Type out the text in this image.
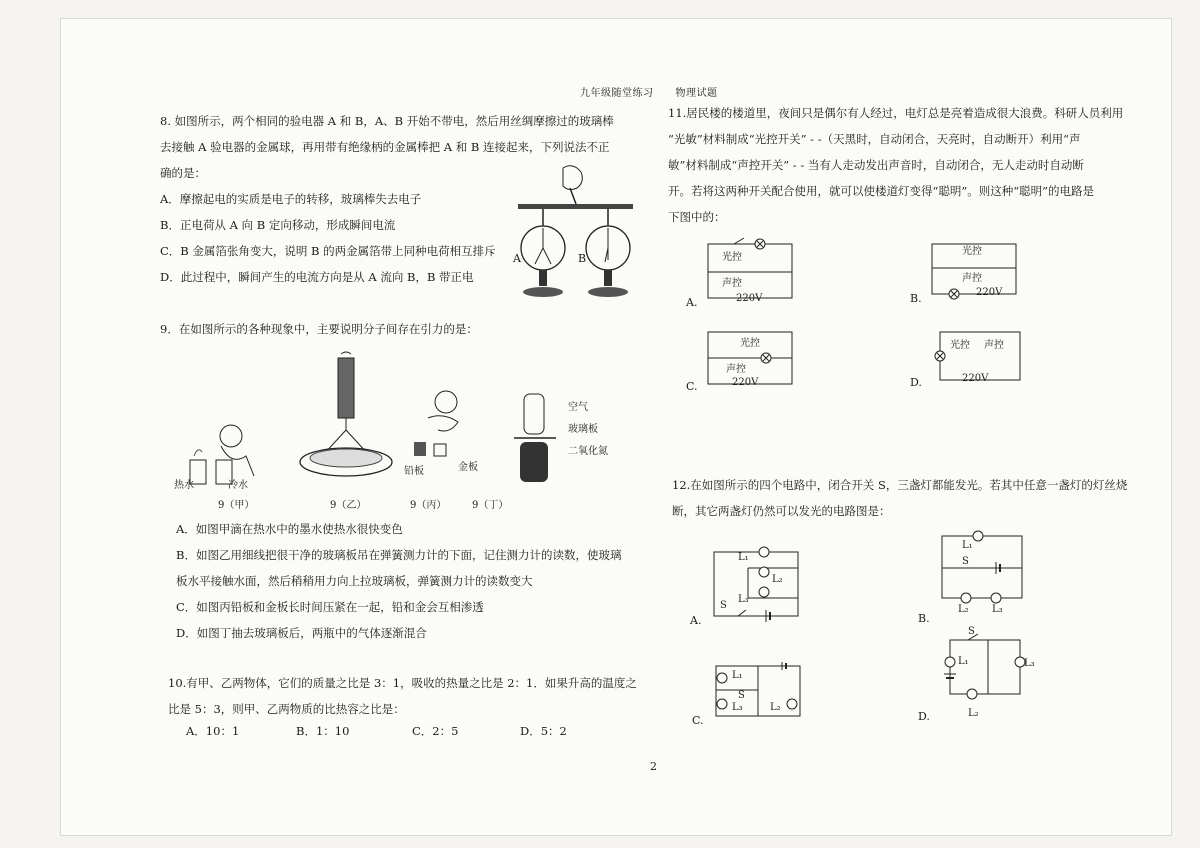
九年级随堂练习 物理试题

8. 如图所示，两个相同的验电器 A 和 B，A、B 开始不带电，然后用丝绸摩擦过的玻璃棒

去接触 A 验电器的金属球，再用带有绝缘柄的金属棒把 A 和 B 连接起来，下列说法不正

确的是：

A．摩擦起电的实质是电子的转移，玻璃棒失去电子

B．正电荷从 A 向 B 定向移动，形成瞬间电流

C．B 金属箔张角变大，说明 B 的两金属箔带上同种电荷相互排斥

D．此过程中，瞬间产生的电流方向是从 A 流向 B，B 带正电

A	B

9．在如图所示的各种现象中，主要说明分子间存在引力的是：

热水	冷水
铅板	金板
空气
玻璃板
二氧化氮
9（甲）	9（乙）	9（丙）	9（丁）

A．如图甲滴在热水中的墨水使热水很快变色

B．如图乙用细线把很干净的玻璃板吊在弹簧测力计的下面，记住测力计的读数，使玻璃

板水平接触水面，然后稍稍用力向上拉玻璃板，弹簧测力计的读数变大

C．如图丙铅板和金板长时间压紧在一起，铅和金会互相渗透

D．如图丁抽去玻璃板后，两瓶中的气体逐渐混合

10.有甲、乙两物体，它们的质量之比是 3：1，吸收的热量之比是 2：1．如果升高的温度之

比是 5：3，则甲、乙两物质的比热容之比是：

A．10：1	B．1：10	C．2：5	D．5：2

11.居民楼的楼道里，夜间只是偶尔有人经过，电灯总是亮着造成很大浪费。科研人员利用

“光敏”材料制成“光控开关” - -（天黑时，自动闭合，天亮时，自动断开）利用“声

敏”材料制成“声控开关” - - 当有人走动发出声音时，自动闭合，无人走动时自动断

开。若将这两种开关配合使用，就可以使楼道灯变得“聪明”。则这种“聪明”的电路是

下图中的：

光控
声控
220V
A.
光控
声控
220V
B.
光控
声控
220V
C.
光控 声控
220V
D.

12.在如图所示的四个电路中，闭合开关 S，三盏灯都能发光。若其中任意一盏灯的灯丝烧

断，其它两盏灯仍然可以发光的电路图是：

L₁
L₂
L₃
S
A.
L₁
S
L₂ L₃
B.
L₁
S
L₃	L₂
C.
S
L₁	L₃
L₂
D.
2
